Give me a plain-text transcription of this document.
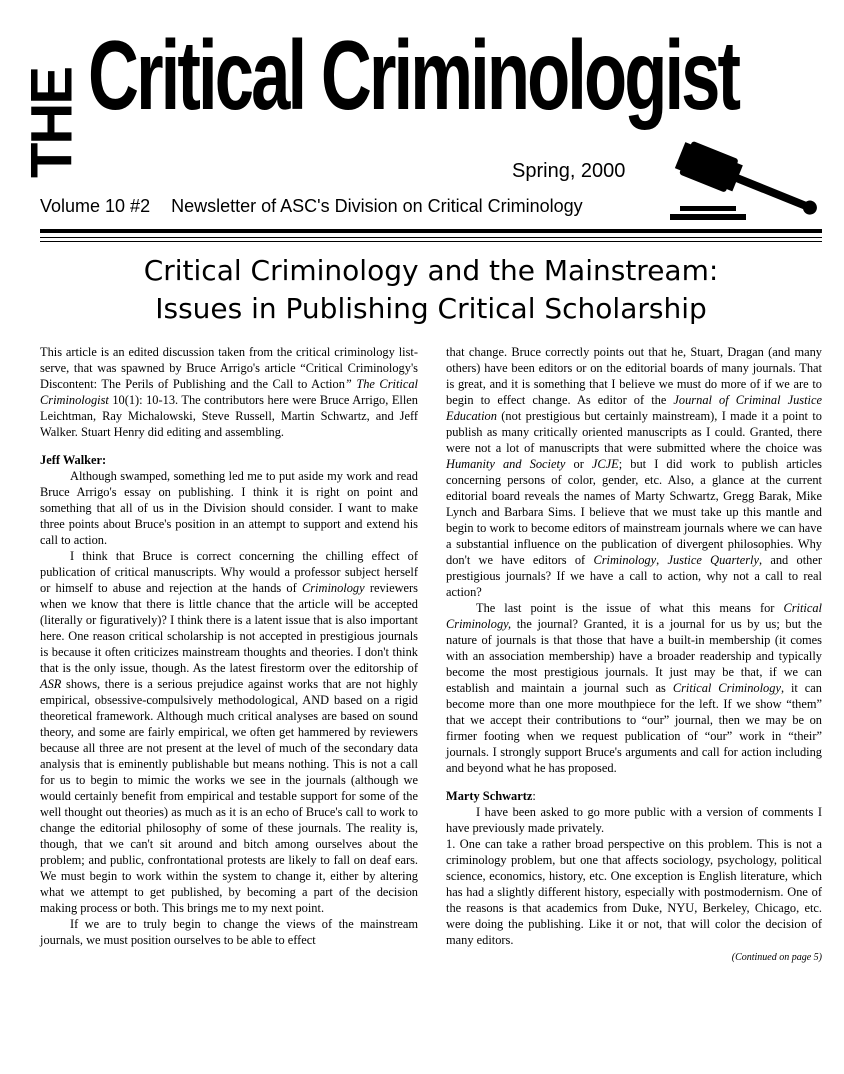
THE Critical Criminologist
Spring, 2000
Volume 10 #2 Newsletter of ASC's Division on Critical Criminology
Critical Criminology and the Mainstream:
Issues in Publishing Critical Scholarship

This article is an edited discussion taken from the critical criminology list-serve, that was spawned by Bruce Arrigo's article “Critical Criminology's Discontent: The Perils of Publishing and the Call to Action” The Critical Criminologist 10(1): 10-13. The contributors here were Bruce Arrigo, Ellen Leichtman, Ray Michalowski, Steve Russell, Martin Schwartz, and Jeff Walker. Stuart Henry did editing and assembling.

Jeff Walker:

Although swamped, something led me to put aside my work and read Bruce Arrigo's essay on publishing. I think it is right on point and something that all of us in the Division should consider. I want to make three points about Bruce's position in an attempt to support and extend his call to action.

I think that Bruce is correct concerning the chilling effect of publication of critical manuscripts. Why would a professor subject herself or himself to abuse and rejection at the hands of Criminology reviewers when we know that there is little chance that the article will be accepted (literally or figuratively)? I think there is a latent issue that is also important here. One reason critical scholarship is not accepted in prestigious journals is because it often criticizes mainstream thoughts and theories. I don't think that is the only issue, though. As the latest firestorm over the editorship of ASR shows, there is a serious prejudice against works that are not highly empirical, obsessive-compulsively methodological, AND based on a rigid theoretical framework. Although much critical analyses are based on sound theory, and some are fairly empirical, we often get hammered by reviewers because all three are not present at the level of much of the secondary data analysis that is eminently publishable but means nothing. This is not a call for us to begin to mimic the works we see in the journals (although we would certainly benefit from empirical and testable support for some of the well thought out theories) as much as it is an echo of Bruce's call to work to change the editorial philosophy of some of these journals. The reality is, though, that we can't sit around and bitch among ourselves about the problem; and public, confrontational protests are likely to fall on deaf ears. We must begin to work within the system to change it, either by altering what we attempt to get published, by becoming a part of the decision making process or both. This brings me to my next point.

If we are to truly begin to change the views of the mainstream journals, we must position ourselves to be able to effect

that change. Bruce correctly points out that he, Stuart, Dragan (and many others) have been editors or on the editorial boards of many journals. That is great, and it is something that I believe we must do more of if we are to begin to effect change. As editor of the Journal of Criminal Justice Education (not prestigious but certainly mainstream), I made it a point to publish as many critically oriented manuscripts as I could. Granted, there were not a lot of manuscripts that were submitted where the choice was Humanity and Society or JCJE; but I did work to publish articles concerning persons of color, gender, etc. Also, a glance at the current editorial board reveals the names of Marty Schwartz, Gregg Barak, Mike Lynch and Barbara Sims. I believe that we must take up this mantle and begin to work to become editors of mainstream journals where we can have a substantial influence on the publication of divergent philosophies. Why don't we have editors of Criminology, Justice Quarterly, and other prestigious journals? If we have a call to action, why not a call to real action?

The last point is the issue of what this means for Critical Criminology, the journal? Granted, it is a journal for us by us; but the nature of journals is that those that have a built-in membership (it comes with an association membership) have a broader readership and typically become the most prestigious journals. It just may be that, if we can establish and maintain a journal such as Critical Criminology, it can become more than one more mouthpiece for the left. If we show “them” that we accept their contributions to “our” journal, then we may be on firmer footing when we request publication of “our” work in “their” journals. I strongly support Bruce's arguments and call for action including and beyond what he has proposed.

Marty Schwartz:

I have been asked to go more public with a version of comments I have previously made privately.

1. One can take a rather broad perspective on this problem. This is not a criminology problem, but one that affects sociology, psychology, political science, economics, history, etc. One exception is English literature, which has had a slightly different history, especially with postmodernism. One of the reasons is that academics from Duke, NYU, Berkeley, Chicago, etc. were doing the publishing. Like it or not, that will color the decision of many editors.

(Continued on page 5)
